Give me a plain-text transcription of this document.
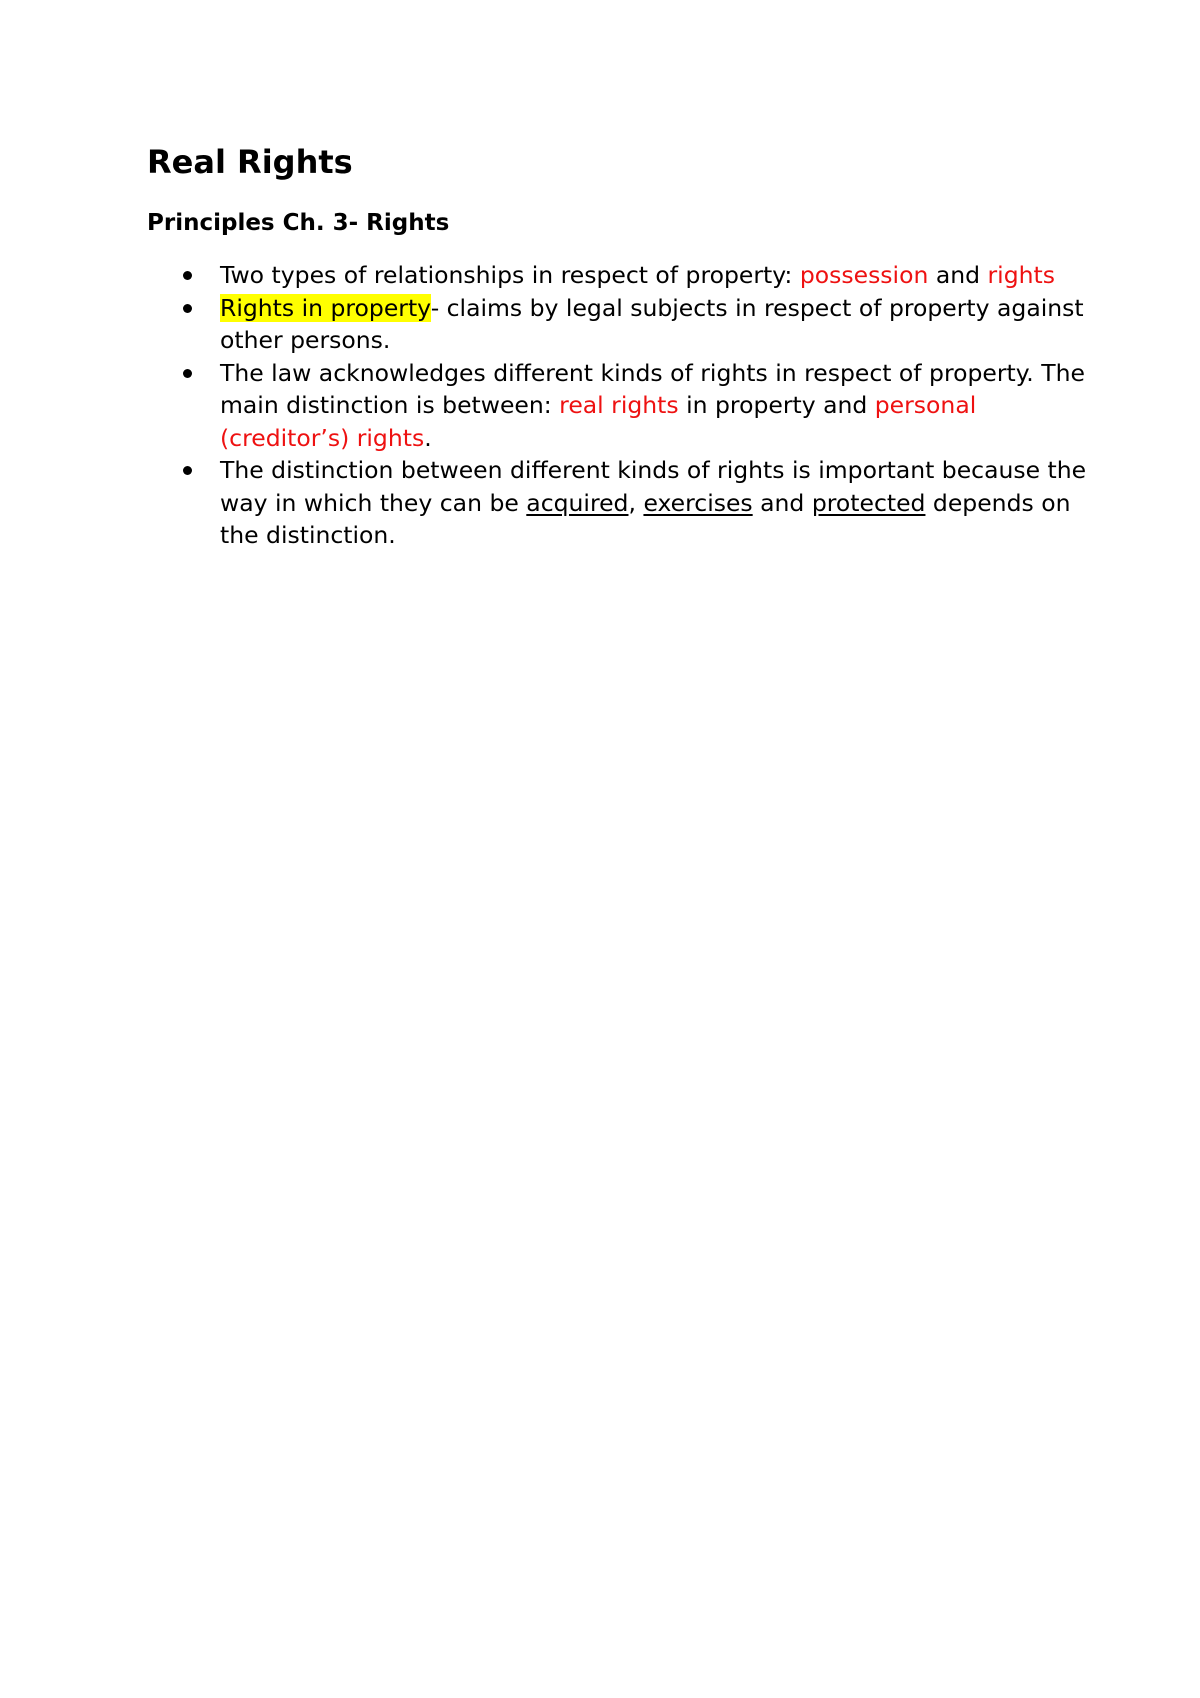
Real Rights
Principles Ch. 3- Rights
Two types of relationships in respect of property: possession and rights
Rights in property- claims by legal subjects in respect of property against other persons.
The law acknowledges different kinds of rights in respect of property. The main distinction is between: real rights in property and personal (creditor’s) rights.
The distinction between different kinds of rights is important because the way in which they can be acquired, exercises and protected depends on the distinction.
